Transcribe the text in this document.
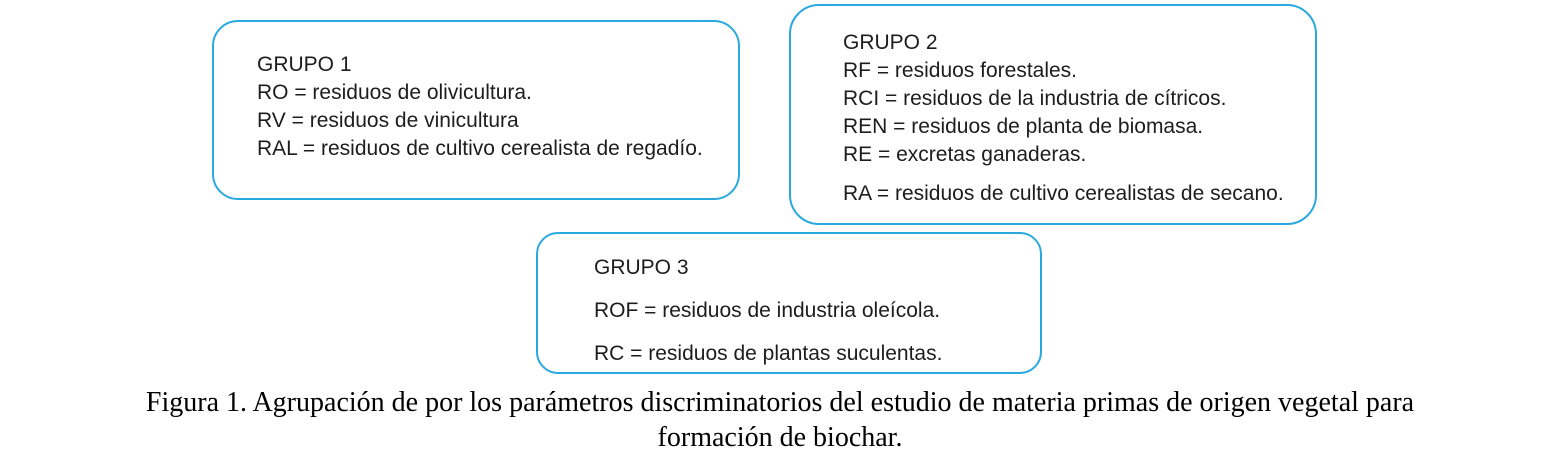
GRUPO 1
RO = residuos de olivicultura.
RV = residuos de vinicultura
RAL = residuos de cultivo cerealista de regadío.
GRUPO 2
RF = residuos forestales.
RCI = residuos de la industria de cítricos.
REN = residuos de planta de biomasa.
RE = excretas ganaderas.
RA = residuos de cultivo cerealistas de secano.
GRUPO 3
ROF = residuos de industria oleícola.
RC = residuos de plantas suculentas.
Figura 1. Agrupación de por los parámetros discriminatorios del estudio de materia primas de origen vegetal para
formación de biochar.
